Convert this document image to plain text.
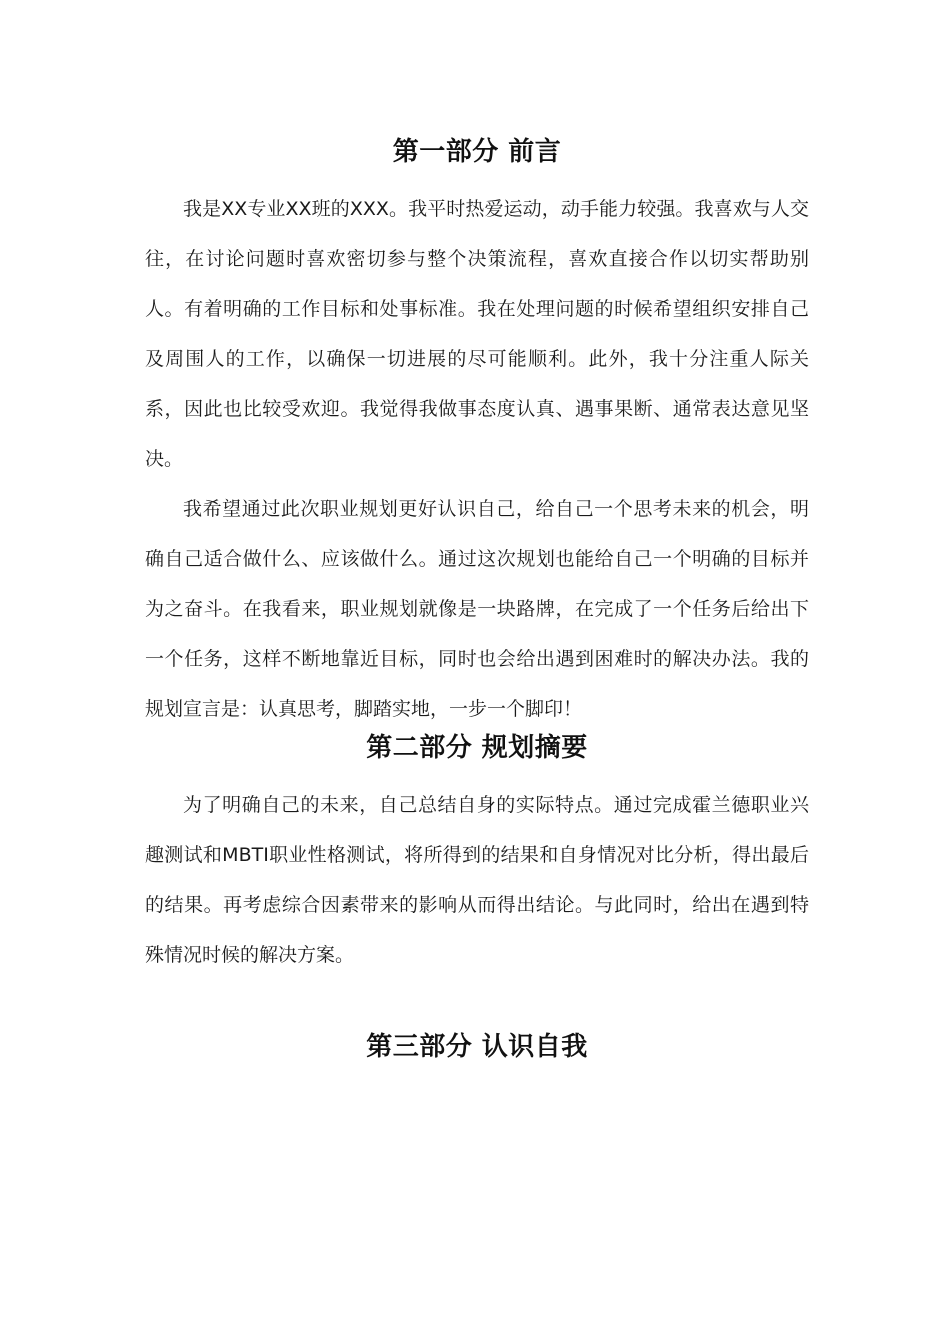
第一部分 前言

我是XX专业XX班的XXX。我平时热爱运动，动手能力较强。我喜欢与人交往，在讨论问题时喜欢密切参与整个决策流程，喜欢直接合作以切实帮助别人。有着明确的工作目标和处事标准。我在处理问题的时候希望组织安排自己及周围人的工作，以确保一切进展的尽可能顺利。此外，我十分注重人际关系，因此也比较受欢迎。我觉得我做事态度认真、遇事果断、通常表达意见坚决。

我希望通过此次职业规划更好认识自己，给自己一个思考未来的机会，明确自己适合做什么、应该做什么。通过这次规划也能给自己一个明确的目标并为之奋斗。在我看来，职业规划就像是一块路牌，在完成了一个任务后给出下一个任务，这样不断地靠近目标，同时也会给出遇到困难时的解决办法。我的规划宣言是：认真思考，脚踏实地，一步一个脚印！

第二部分 规划摘要

为了明确自己的未来，自己总结自身的实际特点。通过完成霍兰德职业兴趣测试和MBTI职业性格测试，将所得到的结果和自身情况对比分析，得出最后的结果。再考虑综合因素带来的影响从而得出结论。与此同时，给出在遇到特殊情况时候的解决方案。

第三部分 认识自我
